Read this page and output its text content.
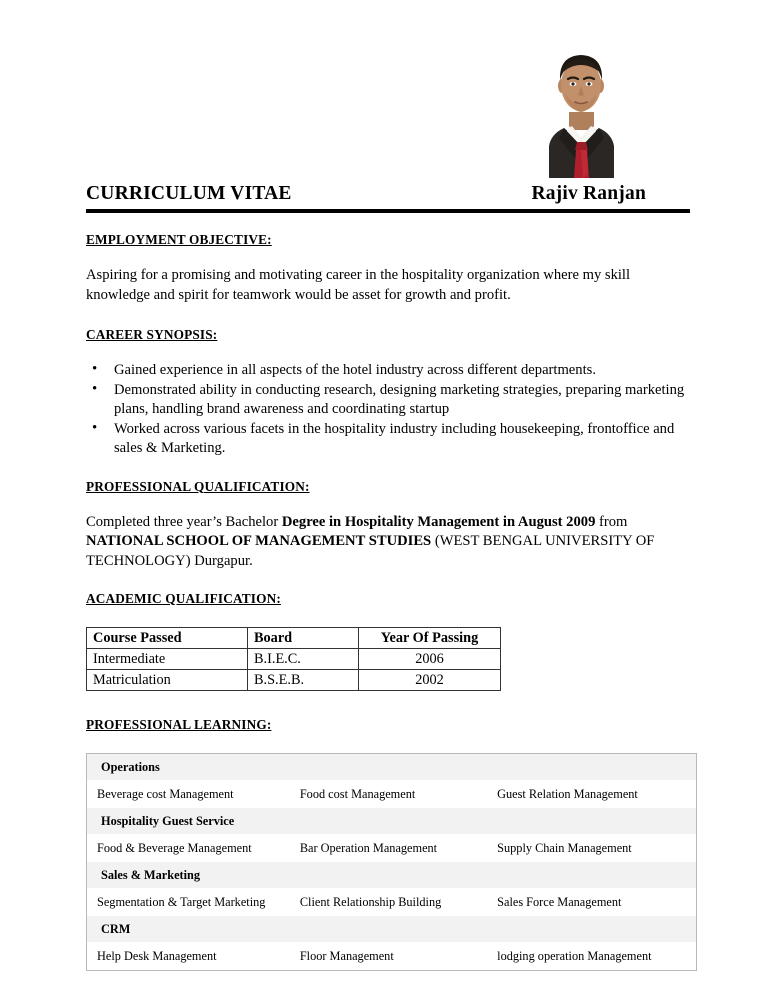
CURRICULUM VITAE	Rajiv Ranjan
EMPLOYMENT OBJECTIVE:

Aspiring for a promising and motivating career in the hospitality organization where my skill knowledge and spirit for teamwork would be asset for growth and profit.

CAREER SYNOPSIS:
• Gained experience in all aspects of the hotel industry across different departments.
• Demonstrated ability in conducting research, designing marketing strategies, preparing marketing plans, handling brand awareness and coordinating startup
• Worked across various facets in the hospitality industry including housekeeping, frontoffice and sales & Marketing.
PROFESSIONAL QUALIFICATION:

Completed three year’s Bachelor Degree in Hospitality Management in August 2009 from NATIONAL SCHOOL OF MANAGEMENT STUDIES (WEST BENGAL UNIVERSITY OF TECHNOLOGY) Durgapur.

ACADEMIC QUALIFICATION:
Course Passed	Board	Year Of Passing
Intermediate	B.I.E.C.	2006
Matriculation	B.S.E.B.	2002
PROFESSIONAL LEARNING:
Operations		
Beverage cost Management	Food cost Management	Guest Relation Management
Hospitality Guest Service		
Food & Beverage Management	Bar Operation Management	Supply Chain Management
Sales & Marketing		
Segmentation & Target Marketing	Client Relationship Building	Sales Force Management
CRM		
Help Desk Management	Floor Management	lodging operation Management
